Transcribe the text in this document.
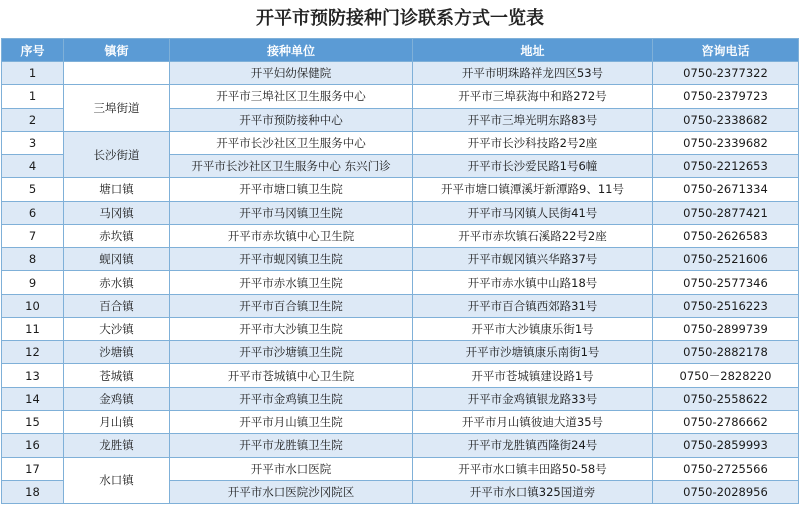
开平市预防接种门诊联系方式一览表
序号	镇街	接种单位	地址	咨询电话
1		开平妇幼保健院	开平市明珠路祥龙四区53号	0750-2377322
1	三埠街道	开平市三埠社区卫生服务中心	开平市三埠荻海中和路272号	0750-2379723
2		开平市预防接种中心	开平市三埠光明东路83号	0750-2338682
3	长沙街道	开平市长沙社区卫生服务中心	开平市长沙科技路2号2座	0750-2339682
4		开平市长沙社区卫生服务中心 东兴门诊	开平市长沙爱民路1号6幢	0750-2212653
5	塘口镇	开平市塘口镇卫生院	开平市塘口镇潭溪圩新潭路9、11号	0750-2671334
6	马冈镇	开平市马冈镇卫生院	开平市马冈镇人民街41号	0750-2877421
7	赤坎镇	开平市赤坎镇中心卫生院	开平市赤坎镇石溪路22号2座	0750-2626583
8	蚬冈镇	开平市蚬冈镇卫生院	开平市蚬冈镇兴华路37号	0750-2521606
9	赤水镇	开平市赤水镇卫生院	开平市赤水镇中山路18号	0750-2577346
10	百合镇	开平市百合镇卫生院	开平市百合镇西郊路31号	0750-2516223
11	大沙镇	开平市大沙镇卫生院	开平市大沙镇康乐街1号	0750-2899739
12	沙塘镇	开平市沙塘镇卫生院	开平市沙塘镇康乐南街1号	0750-2882178
13	苍城镇	开平市苍城镇中心卫生院	开平市苍城镇建设路1号	0750－2828220
14	金鸡镇	开平市金鸡镇卫生院	开平市金鸡镇银龙路33号	0750-2558622
15	月山镇	开平市月山镇卫生院	开平市月山镇彼迪大道35号	0750-2786662
16	龙胜镇	开平市龙胜镇卫生院	开平市龙胜镇西隆街24号	0750-2859993
17	水口镇	开平市水口医院	开平市水口镇丰田路50-58号	0750-2725566
18		开平市水口医院沙冈院区	开平市水口镇325国道旁	0750-2028956
